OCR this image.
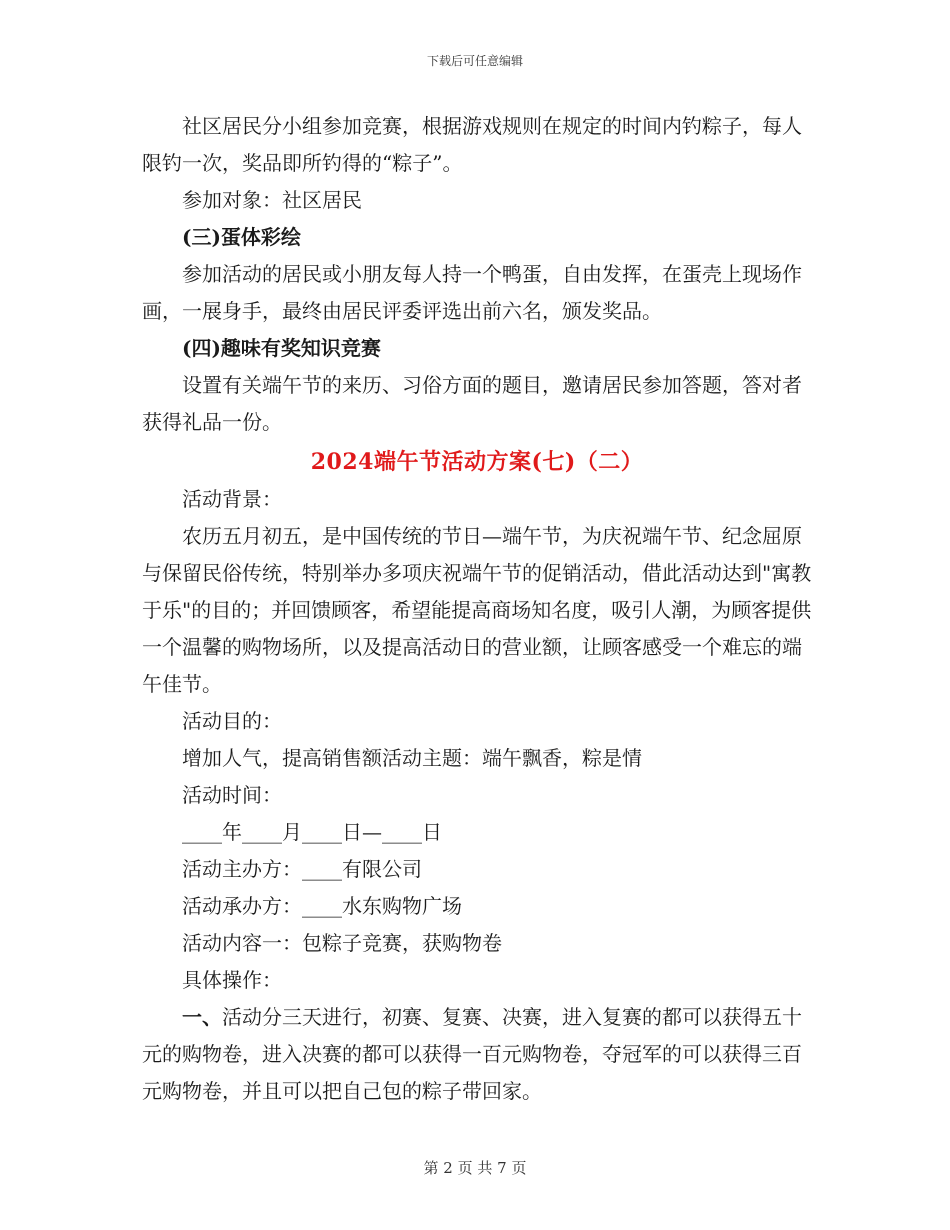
下载后可任意编辑

社区居民分小组参加竞赛，根据游戏规则在规定的时间内钓粽子，每人限钓一次，奖品即所钓得的“粽子”。

参加对象：社区居民

(三)蛋体彩绘

参加活动的居民或小朋友每人持一个鸭蛋，自由发挥，在蛋壳上现场作画，一展身手，最终由居民评委评选出前六名，颁发奖品。

(四)趣味有奖知识竞赛

设置有关端午节的来历、习俗方面的题目，邀请居民参加答题，答对者获得礼品一份。

2024端午节活动方案(七)（二）

活动背景：

农历五月初五，是中国传统的节日—端午节，为庆祝端午节、纪念屈原与保留民俗传统，特别举办多项庆祝端午节的促销活动，借此活动达到"寓教于乐"的目的；并回馈顾客，希望能提高商场知名度，吸引人潮，为顾客提供一个温馨的购物场所，以及提高活动日的营业额，让顾客感受一个难忘的端午佳节。

活动目的：

增加人气，提高销售额活动主题：端午飘香，粽是情

活动时间：

____年____月____日—____日

活动主办方：____有限公司

活动承办方：____水东购物广场

活动内容一：包粽子竞赛，获购物卷

具体操作：

一、活动分三天进行，初赛、复赛、决赛，进入复赛的都可以获得五十元的购物卷，进入决赛的都可以获得一百元购物卷，夺冠军的可以获得三百元购物卷，并且可以把自己包的粽子带回家。

第 2 页 共 7 页
